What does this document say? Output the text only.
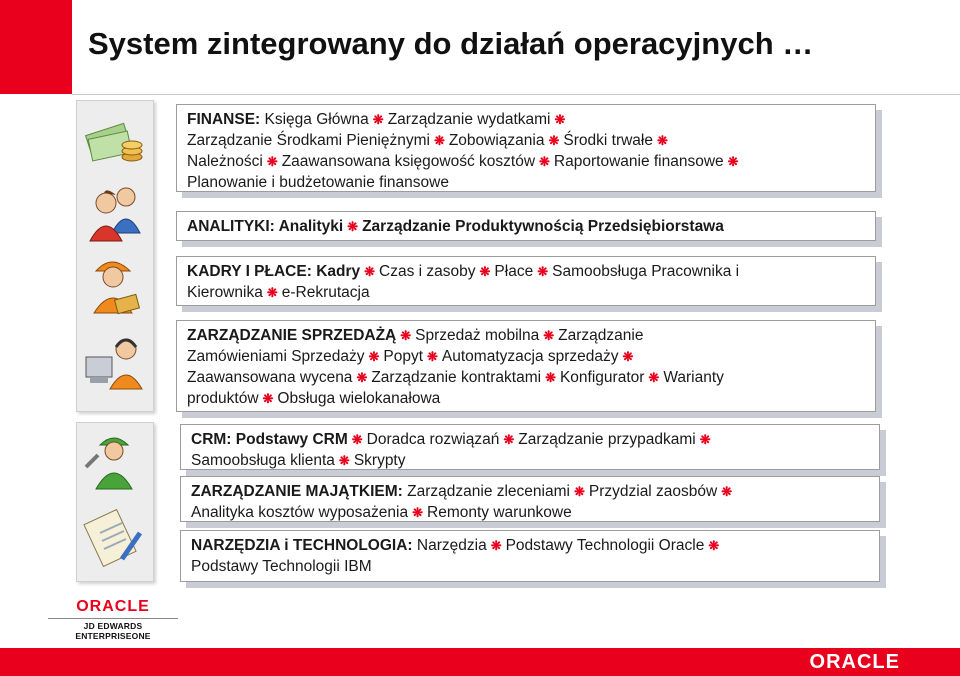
System zintegrowany do działań operacyjnych …
FINANSE: Księga Główna ❋ Zarządzanie wydatkami ❋
Zarządzanie Środkami Pieniężnymi ❋ Zobowiązania ❋ Środki trwałe ❋
Należności ❋ Zaawansowana księgowość kosztów ❋ Raportowanie finansowe ❋
Planowanie i budżetowanie finansowe
ANALITYKI: Analityki ❋ Zarządzanie Produktywnością Przedsiębiorstawa
KADRY I PŁACE: Kadry ❋ Czas i zasoby ❋ Płace ❋ Samoobsługa Pracownika i
Kierownika ❋ e-Rekrutacja
ZARZĄDZANIE SPRZEDAŻĄ ❋ Sprzedaż mobilna ❋ Zarządzanie
Zamówieniami Sprzedaży ❋ Popyt ❋ Automatyzacja sprzedaży ❋
Zaawansowana wycena ❋ Zarządzanie kontraktami ❋ Konfigurator ❋ Warianty
produktów ❋ Obsługa wielokanałowa
CRM: Podstawy CRM ❋ Doradca rozwiązań ❋ Zarządzanie przypadkami ❋
Samoobsługa klienta ❋ Skrypty
ZARZĄDZANIE MAJĄTKIEM: Zarządzanie zleceniami ❋ Przydzial zaosbów ❋
Analityka kosztów wyposażenia ❋ Remonty warunkowe
NARZĘDZIA i TECHNOLOGIA: Narzędzia ❋ Podstawy Technologii Oracle ❋
Podstawy Technologii IBM
ORACLE
JD EDWARDS ENTERPRISEONE
ORACLE
